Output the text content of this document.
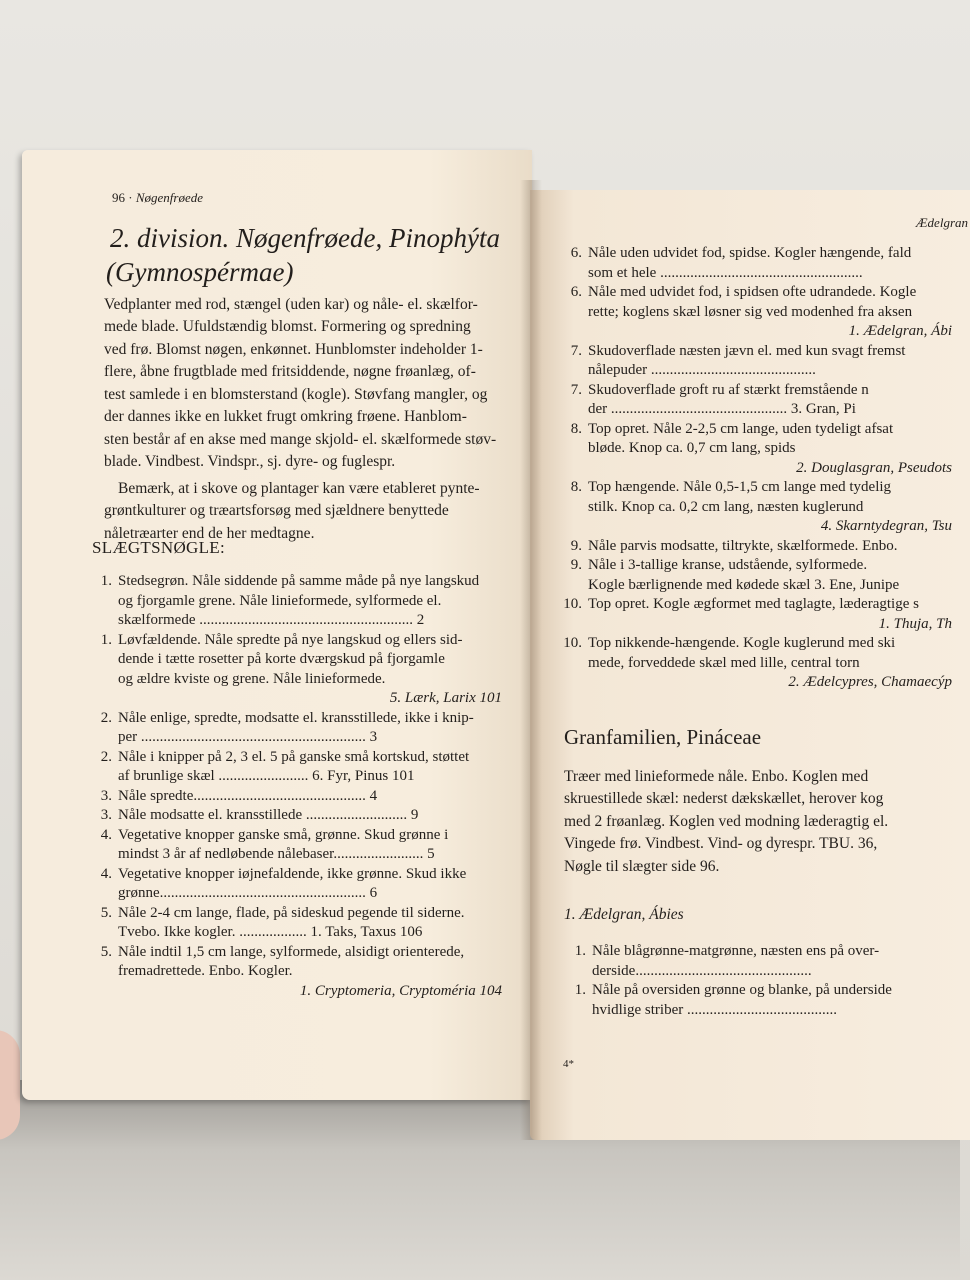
96 · Nøgenfrøede
2. division. Nøgenfrøede, Pinophýta
(Gymnospérmae)
Vedplanter med rod, stængel (uden kar) og nåle- el. skælfor-
mede blade. Ufuldstændig blomst. Formering og spredning
ved frø. Blomst nøgen, enkønnet. Hunblomster indeholder 1-
flere, åbne frugtblade med fritsiddende, nøgne frøanlæg, of-
test samlede i en blomsterstand (kogle). Støvfang mangler, og
der dannes ikke en lukket frugt omkring frøene. Hanblom-
sten består af en akse med mange skjold- el. skælformede støv-
blade. Vindbest. Vindspr., sj. dyre- og fuglespr.
Bemærk, at i skove og plantager kan være etableret pynte-
grøntkulturer og træartsforsøg med sjældnere benyttede
nåletræarter end de her medtagne.
SLÆGTSNØGLE:
1. Stedsegrøn. Nåle siddende på samme måde på nye langskud
og fjorgamle grene. Nåle linieformede, sylformede el.
skælformede ......................................................... 2
1. Løvfældende. Nåle spredte på nye langskud og ellers sid-
dende i tætte rosetter på korte dværgskud på fjorgamle
og ældre kviste og grene. Nåle linieformede.
5. Lærk, Larix 101
2. Nåle enlige, spredte, modsatte el. kransstillede, ikke i knip-
per ............................................................ 3
2. Nåle i knipper på 2, 3 el. 5 på ganske små kortskud, støttet
af brunlige skæl ........................ 6. Fyr, Pinus 101
3. Nåle spredte.............................................. 4
3. Nåle modsatte el. kransstillede ........................... 9
4. Vegetative knopper ganske små, grønne. Skud grønne i
mindst 3 år af nedløbende nålebaser........................ 5
4. Vegetative knopper iøjnefaldende, ikke grønne. Skud ikke
grønne....................................................... 6
5. Nåle 2-4 cm lange, flade, på sideskud pegende til siderne.
Tvebo. Ikke kogler. .................. 1. Taks, Taxus 106
5. Nåle indtil 1,5 cm lange, sylformede, alsidigt orienterede,
fremadrettede. Enbo. Kogler.
1. Cryptomeria, Cryptoméria 104
Ædelgran
6. Nåle uden udvidet fod, spidse. Kogler hængende, fald
som et hele ......................................................
6. Nåle med udvidet fod, i spidsen ofte udrandede. Kogle
rette; koglens skæl løsner sig ved modenhed fra aksen
1. Ædelgran, Ábi
7. Skudoverflade næsten jævn el. med kun svagt fremst
nålepuder ............................................
7. Skudoverflade groft ru af stærkt fremstående n
der ............................................... 3. Gran, Pi
8. Top opret. Nåle 2-2,5 cm lange, uden tydeligt afsat
bløde. Knop ca. 0,7 cm lang, spids
2. Douglasgran, Pseudots
8. Top hængende. Nåle 0,5-1,5 cm lange med tydelig
stilk. Knop ca. 0,2 cm lang, næsten kuglerund
4. Skarntydegran, Tsu
9. Nåle parvis modsatte, tiltrykte, skælformede. Enbo.
9. Nåle i 3-tallige kranse, udstående, sylformede.
Kogle bærlignende med kødede skæl 3. Ene, Junipe
10. Top opret. Kogle ægformet med taglagte, læderagtige s
1. Thuja, Th
10. Top nikkende-hængende. Kogle kuglerund med ski
mede, forveddede skæl med lille, central torn
2. Ædelcypres, Chamaecýp
Granfamilien, Pináceae
Træer med linieformede nåle. Enbo. Koglen med
skruestillede skæl: nederst dækskællet, herover kog
med 2 frøanlæg. Koglen ved modning læderagtig el.
Vingede frø. Vindbest. Vind- og dyrespr. TBU. 36,
Nøgle til slægter side 96.
1. Ædelgran, Ábies
1. Nåle blågrønne-matgrønne, næsten ens på over-
derside...............................................
1. Nåle på oversiden grønne og blanke, på underside
hvidlige striber ........................................
4*
